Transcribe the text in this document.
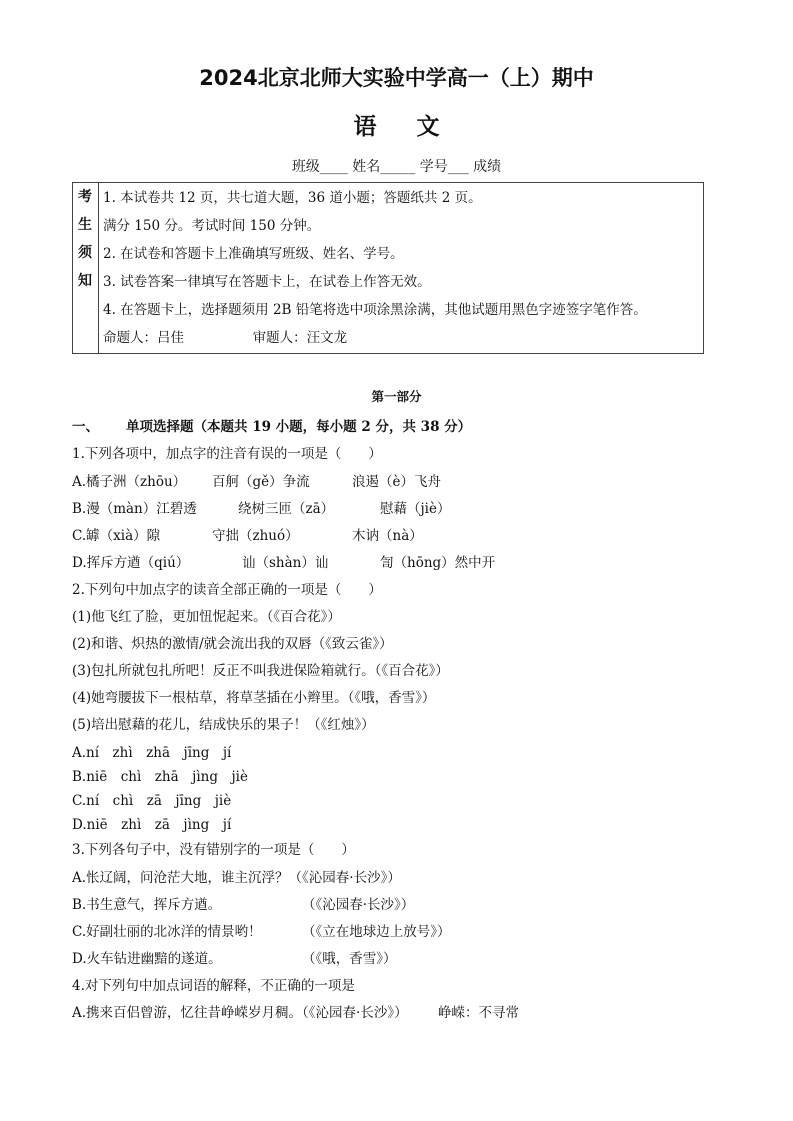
2024北京北师大实验中学高一（上）期中
语文
班级____ 姓名_____ 学号___ 成绩
考
生
须
知
1. 本试卷共 12 页，共七道大题，36 道小题；答题纸共 2 页。
满分 150 分。考试时间 150 分钟。
2. 在试卷和答题卡上准确填写班级、姓名、学号。
3. 试卷答案一律填写在答题卡上，在试卷上作答无效。
4. 在答题卡上，选择题须用 2B 铅笔将选中项涂黑涂满，其他试题用黑色字迹签字笔作答。
命题人：吕佳                审题人：汪文龙
第一部分
一、 单项选择题（本题共 19 小题，每小题 2 分，共 38 分）
1.下列各项中，加点字的注音有误的一项是（　　）
A.橘子洲（zhōu） 百舸（gě）争流	浪遏（è）飞舟
B.漫（màn）江碧透	绕树三匝（zā）	慰藉（jiè）
C.罅（xià）隙	守拙（zhuó）	木讷（nà）
D.挥斥方遒（qiú）	讪（shàn）讪	訇（hōng）然中开
2.下列句中加点字的读音全部正确的一项是（　　）
(1)他飞红了脸，更加忸怩起来。（《百合花》）
(2)和谐、炽热的激情/就会流出我的双唇（《致云雀》）
(3)包扎所就包扎所吧！反正不叫我进保险箱就行。（《百合花》）
(4)她弯腰拔下一根枯草，将草茎插在小辫里。（《哦，香雪》）
(5)培出慰藉的花儿，结成快乐的果子！（《红烛》）
A.ní　zhì　zhā　jīng　jí
B.niē　chì　zhā　jìng　jiè
C.ní　chì　zā　jīng　jiè
D.niē　zhì　zā　jìng　jí
3.下列各句子中，没有错别字的一项是（　　）
A.怅辽阔，问沧茫大地，谁主沉浮？（《沁园春·长沙》）
B.书生意气，挥斥方遒。	（《沁园春·长沙》）
C.好副壮丽的北冰洋的情景哟！	（《立在地球边上放号》）
D.火车钻进幽黯的遂道。	（《哦，香雪》）
4.对下列句中加点词语的解释，不正确的一项是
A.携来百侣曾游，忆往昔峥嵘岁月稠。（《沁园春·长沙》） 峥嵘：不寻常
